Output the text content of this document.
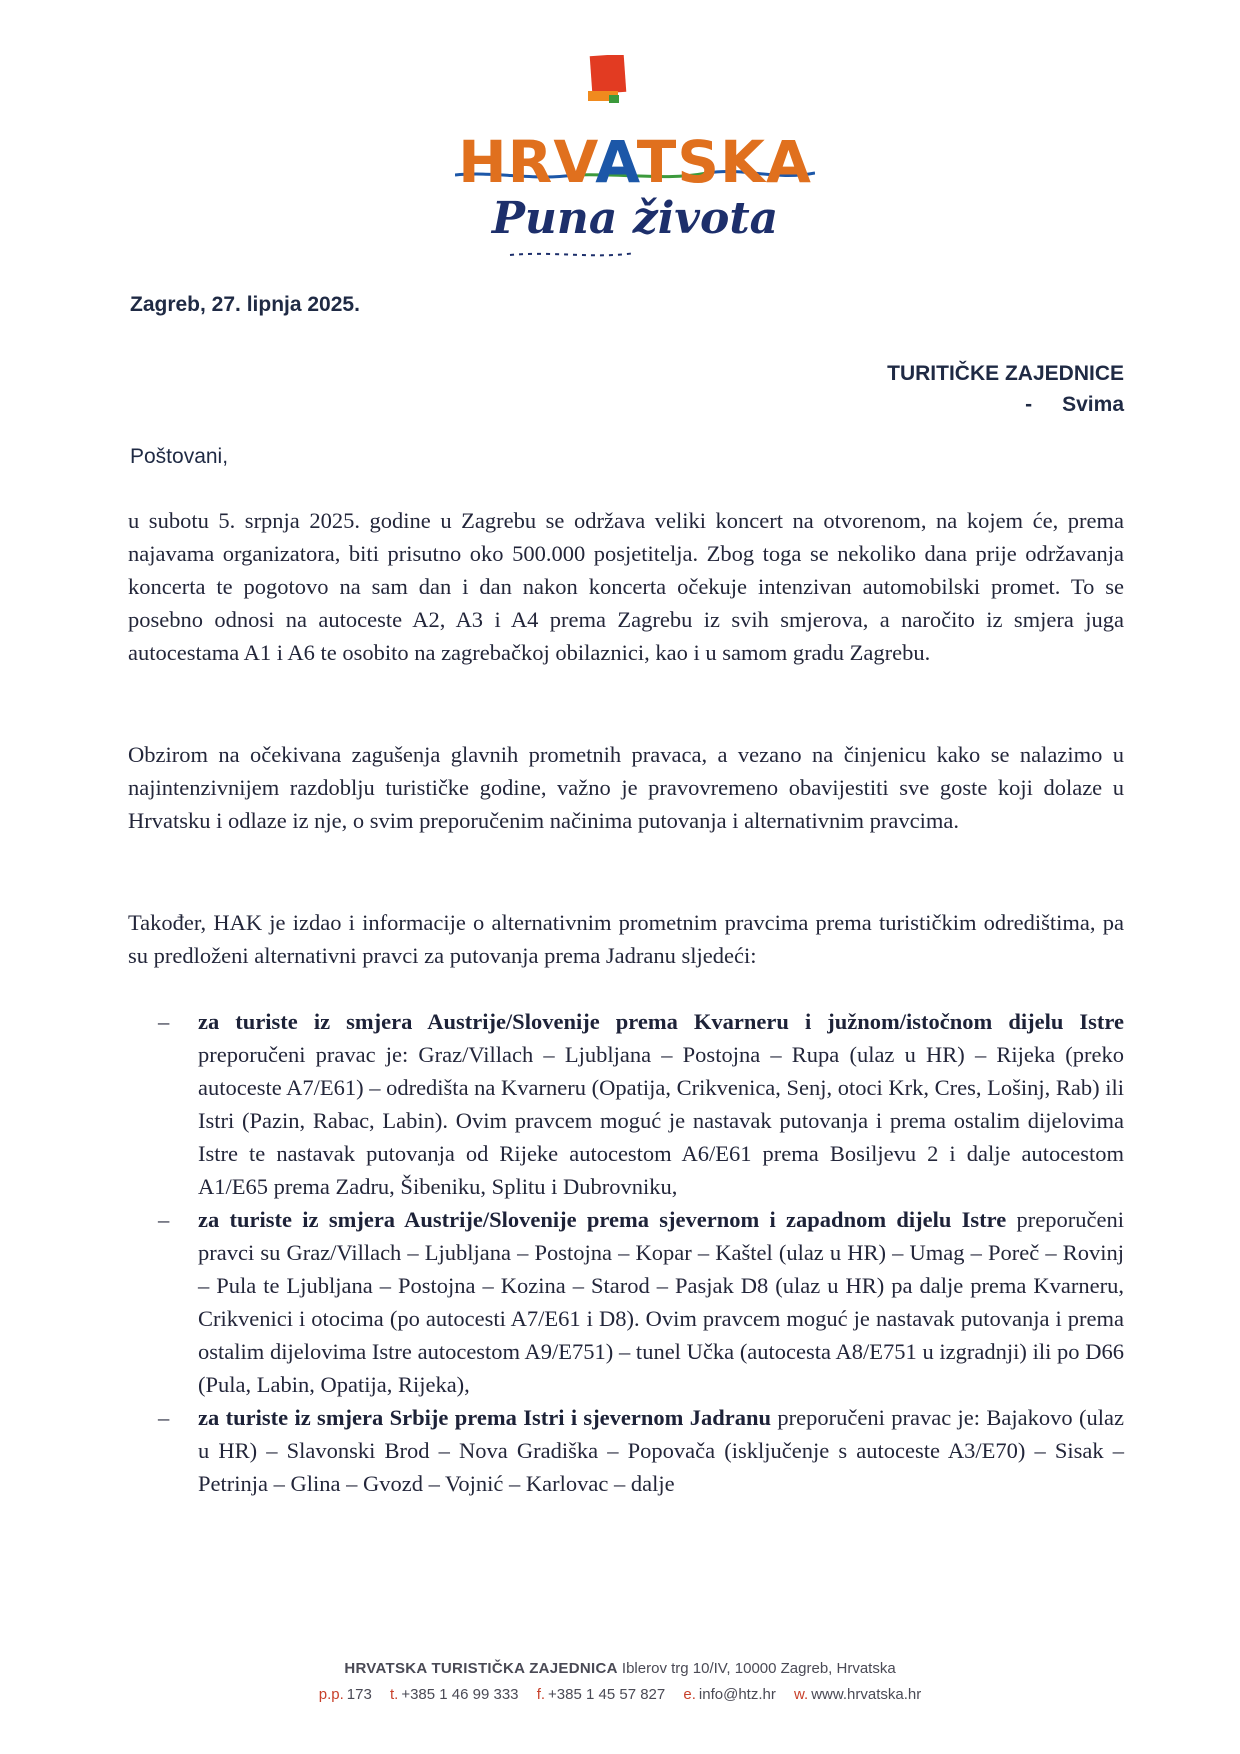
HRVATSKA
Puna života
Zagreb, 27. lipnja 2025.
TURITIČKE ZAJEDNICE
- Svima
Poštovani,
u subotu 5. srpnja 2025. godine u Zagrebu se održava veliki koncert na otvorenom, na kojem će, prema najavama organizatora, biti prisutno oko 500.000 posjetitelja. Zbog toga se nekoliko dana prije održavanja koncerta te pogotovo na sam dan i dan nakon koncerta očekuje intenzivan automobilski promet. To se posebno odnosi na autoceste A2, A3 i A4 prema Zagrebu iz svih smjerova, a naročito iz smjera juga autocestama A1 i A6 te osobito na zagrebačkoj obilaznici, kao i u samom gradu Zagrebu.
Obzirom na očekivana zagušenja glavnih prometnih pravaca, a vezano na činjenicu kako se nalazimo u najintenzivnijem razdoblju turističke godine, važno je pravovremeno obavijestiti sve goste koji dolaze u Hrvatsku i odlaze iz nje, o svim preporučenim načinima putovanja i alternativnim pravcima.
Također, HAK je izdao i informacije o alternativnim prometnim pravcima prema turističkim odredištima, pa su predloženi alternativni pravci za putovanja prema Jadranu sljedeći:
– za turiste iz smjera Austrije/Slovenije prema Kvarneru i južnom/istočnom dijelu Istre preporučeni pravac je: Graz/Villach – Ljubljana – Postojna – Rupa (ulaz u HR) – Rijeka (preko autoceste A7/E61) – odredišta na Kvarneru (Opatija, Crikvenica, Senj, otoci Krk, Cres, Lošinj, Rab) ili Istri (Pazin, Rabac, Labin). Ovim pravcem moguć je nastavak putovanja i prema ostalim dijelovima Istre te nastavak putovanja od Rijeke autocestom A6/E61 prema Bosiljevu 2 i dalje autocestom A1/E65 prema Zadru, Šibeniku, Splitu i Dubrovniku,
– za turiste iz smjera Austrije/Slovenije prema sjevernom i zapadnom dijelu Istre preporučeni pravci su Graz/Villach – Ljubljana – Postojna – Kopar – Kaštel (ulaz u HR) – Umag – Poreč – Rovinj – Pula te Ljubljana – Postojna – Kozina – Starod – Pasjak D8 (ulaz u HR) pa dalje prema Kvarneru, Crikvenici i otocima (po autocesti A7/E61 i D8). Ovim pravcem moguć je nastavak putovanja i prema ostalim dijelovima Istre autocestom A9/E751) – tunel Učka (autocesta A8/E751 u izgradnji) ili po D66 (Pula, Labin, Opatija, Rijeka),
– za turiste iz smjera Srbije prema Istri i sjevernom Jadranu preporučeni pravac je: Bajakovo (ulaz u HR) – Slavonski Brod – Nova Gradiška – Popovača (isključenje s autoceste A3/E70) – Sisak – Petrinja – Glina – Gvozd – Vojnić – Karlovac – dalje
HRVATSKA TURISTIČKA ZAJEDNICA Iblerov trg 10/IV, 10000 Zagreb, Hrvatska
p.p. 173 t. +385 1 46 99 333 f. +385 1 45 57 827 e. info@htz.hr w. www.hrvatska.hr
